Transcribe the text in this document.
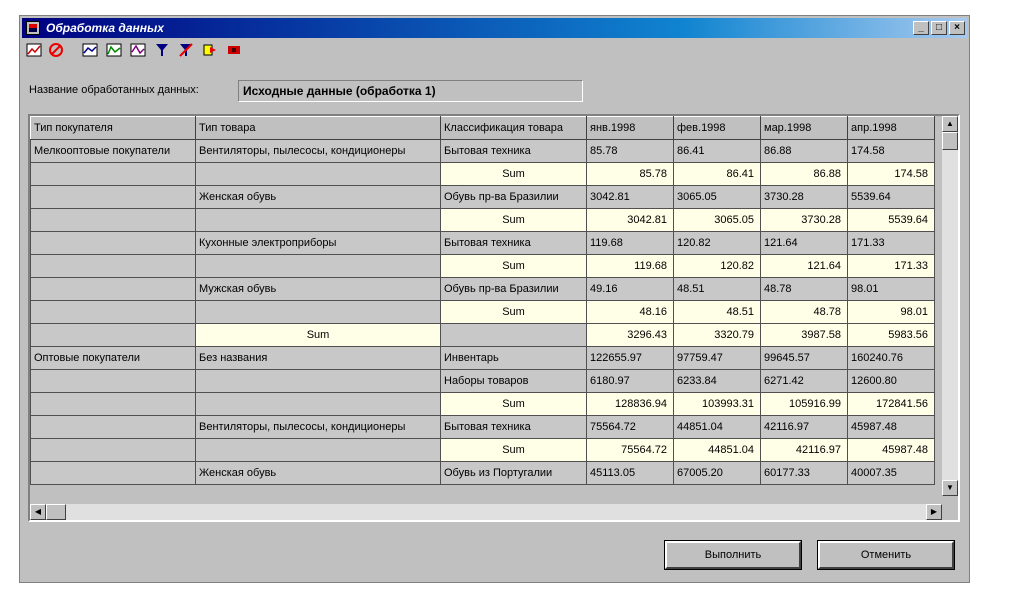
Обработка данных	_	□	×
Название обработанных данных:	Исходные данные (обработка 1)
Тип покупателя	Тип товара	Классификация товара	янв.1998	фев.1998	мар.1998	апр.1998
Мелкооптовые покупатели	Вентиляторы, пылесосы, кондиционеры	Бытовая техника	85.78	86.41	86.88	174.58
		Sum	85.78	86.41	86.88	174.58
	Женская обувь	Обувь пр-ва Бразилии	3042.81	3065.05	3730.28	5539.64
		Sum	3042.81	3065.05	3730.28	5539.64
	Кухонные электроприборы	Бытовая техника	119.68	120.82	121.64	171.33
		Sum	119.68	120.82	121.64	171.33
	Мужская обувь	Обувь пр-ва Бразилии	49.16	48.51	48.78	98.01
		Sum	48.16	48.51	48.78	98.01
	Sum		3296.43	3320.79	3987.58	5983.56
Оптовые покупатели	Без названия	Инвентарь	122655.97	97759.47	99645.57	160240.76
		Наборы товаров	6180.97	6233.84	6271.42	12600.80
		Sum	128836.94	103993.31	105916.99	172841.56
	Вентиляторы, пылесосы, кондиционеры	Бытовая техника	75564.72	44851.04	42116.97	45987.48
		Sum	75564.72	44851.04	42116.97	45987.48
	Женская обувь	Обувь из Португалии	45113.05	67005.20	60177.33	40007.35
▲
▼
◀	▶
Выполнить	Отменить
